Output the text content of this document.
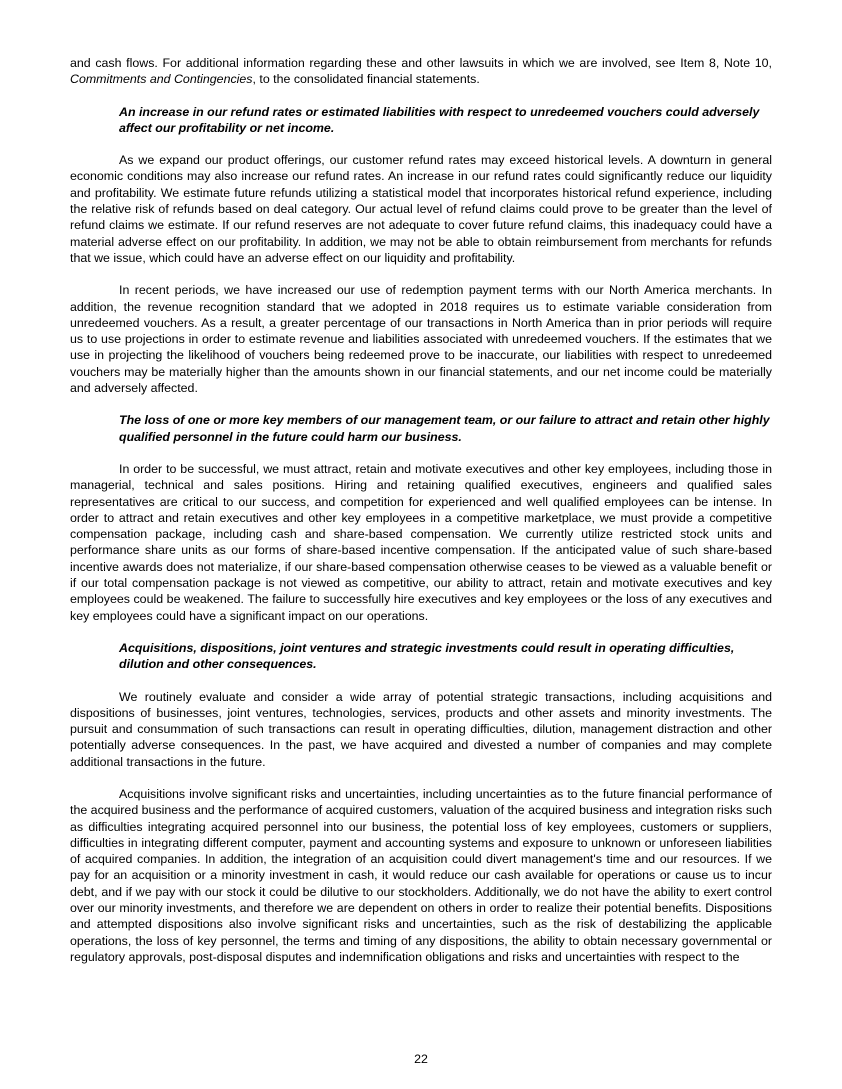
and cash flows. For additional information regarding these and other lawsuits in which we are involved, see Item 8, Note 10, Commitments and Contingencies, to the consolidated financial statements.

An increase in our refund rates or estimated liabilities with respect to unredeemed vouchers could adversely affect our profitability or net income.

As we expand our product offerings, our customer refund rates may exceed historical levels. A downturn in general economic conditions may also increase our refund rates. An increase in our refund rates could significantly reduce our liquidity and profitability. We estimate future refunds utilizing a statistical model that incorporates historical refund experience, including the relative risk of refunds based on deal category. Our actual level of refund claims could prove to be greater than the level of refund claims we estimate. If our refund reserves are not adequate to cover future refund claims, this inadequacy could have a material adverse effect on our profitability. In addition, we may not be able to obtain reimbursement from merchants for refunds that we issue, which could have an adverse effect on our liquidity and profitability.

In recent periods, we have increased our use of redemption payment terms with our North America merchants. In addition, the revenue recognition standard that we adopted in 2018 requires us to estimate variable consideration from unredeemed vouchers. As a result, a greater percentage of our transactions in North America than in prior periods will require us to use projections in order to estimate revenue and liabilities associated with unredeemed vouchers. If the estimates that we use in projecting the likelihood of vouchers being redeemed prove to be inaccurate, our liabilities with respect to unredeemed vouchers may be materially higher than the amounts shown in our financial statements, and our net income could be materially and adversely affected.

The loss of one or more key members of our management team, or our failure to attract and retain other highly qualified personnel in the future could harm our business.

In order to be successful, we must attract, retain and motivate executives and other key employees, including those in managerial, technical and sales positions. Hiring and retaining qualified executives, engineers and qualified sales representatives are critical to our success, and competition for experienced and well qualified employees can be intense. In order to attract and retain executives and other key employees in a competitive marketplace, we must provide a competitive compensation package, including cash and share-based compensation. We currently utilize restricted stock units and performance share units as our forms of share-based incentive compensation. If the anticipated value of such share-based incentive awards does not materialize, if our share-based compensation otherwise ceases to be viewed as a valuable benefit or if our total compensation package is not viewed as competitive, our ability to attract, retain and motivate executives and key employees could be weakened. The failure to successfully hire executives and key employees or the loss of any executives and key employees could have a significant impact on our operations.

Acquisitions, dispositions, joint ventures and strategic investments could result in operating difficulties, dilution and other consequences.

We routinely evaluate and consider a wide array of potential strategic transactions, including acquisitions and dispositions of businesses, joint ventures, technologies, services, products and other assets and minority investments. The pursuit and consummation of such transactions can result in operating difficulties, dilution, management distraction and other potentially adverse consequences. In the past, we have acquired and divested a number of companies and may complete additional transactions in the future.

Acquisitions involve significant risks and uncertainties, including uncertainties as to the future financial performance of the acquired business and the performance of acquired customers, valuation of the acquired business and integration risks such as difficulties integrating acquired personnel into our business, the potential loss of key employees, customers or suppliers, difficulties in integrating different computer, payment and accounting systems and exposure to unknown or unforeseen liabilities of acquired companies. In addition, the integration of an acquisition could divert management's time and our resources. If we pay for an acquisition or a minority investment in cash, it would reduce our cash available for operations or cause us to incur debt, and if we pay with our stock it could be dilutive to our stockholders. Additionally, we do not have the ability to exert control over our minority investments, and therefore we are dependent on others in order to realize their potential benefits. Dispositions and attempted dispositions also involve significant risks and uncertainties, such as the risk of destabilizing the applicable operations, the loss of key personnel, the terms and timing of any dispositions, the ability to obtain necessary governmental or regulatory approvals, post-disposal disputes and indemnification obligations and risks and uncertainties with respect to the

22
